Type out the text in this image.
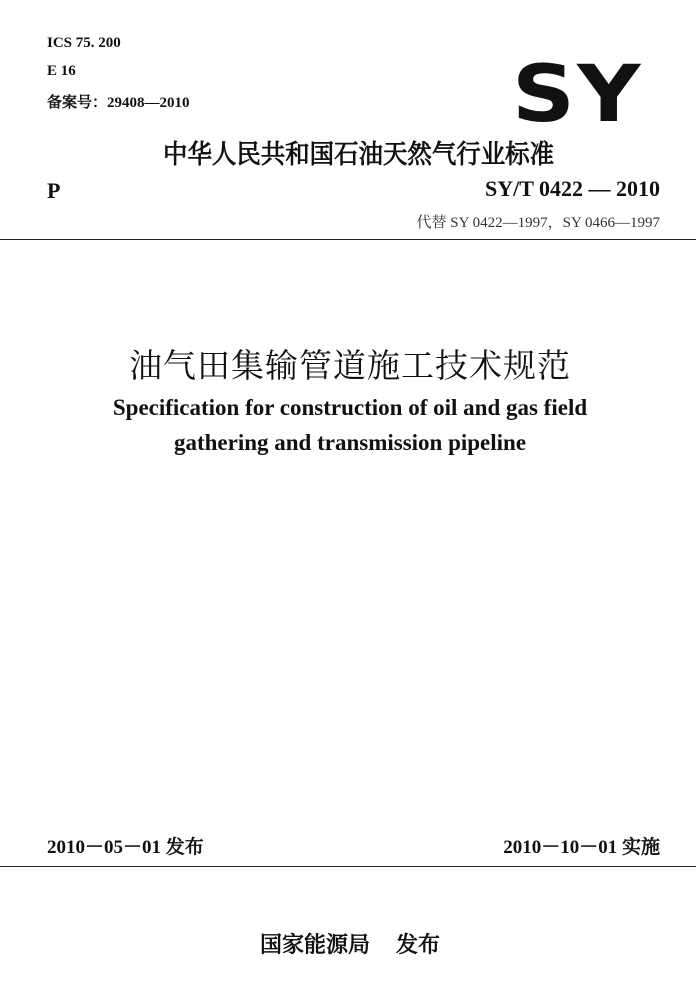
ICS 75. 200
E 16
备案号：29408—2010	SY
中华人民共和国石油天然气行业标准
P	SY/T 0422 — 2010
代替 SY 0422—1997，SY 0466—1997
油气田集输管道施工技术规范
Specification for construction of oil and gas field
gathering and transmission pipeline
2010－05－01 发布	2010－10－01 实施
国家能源局 发布
